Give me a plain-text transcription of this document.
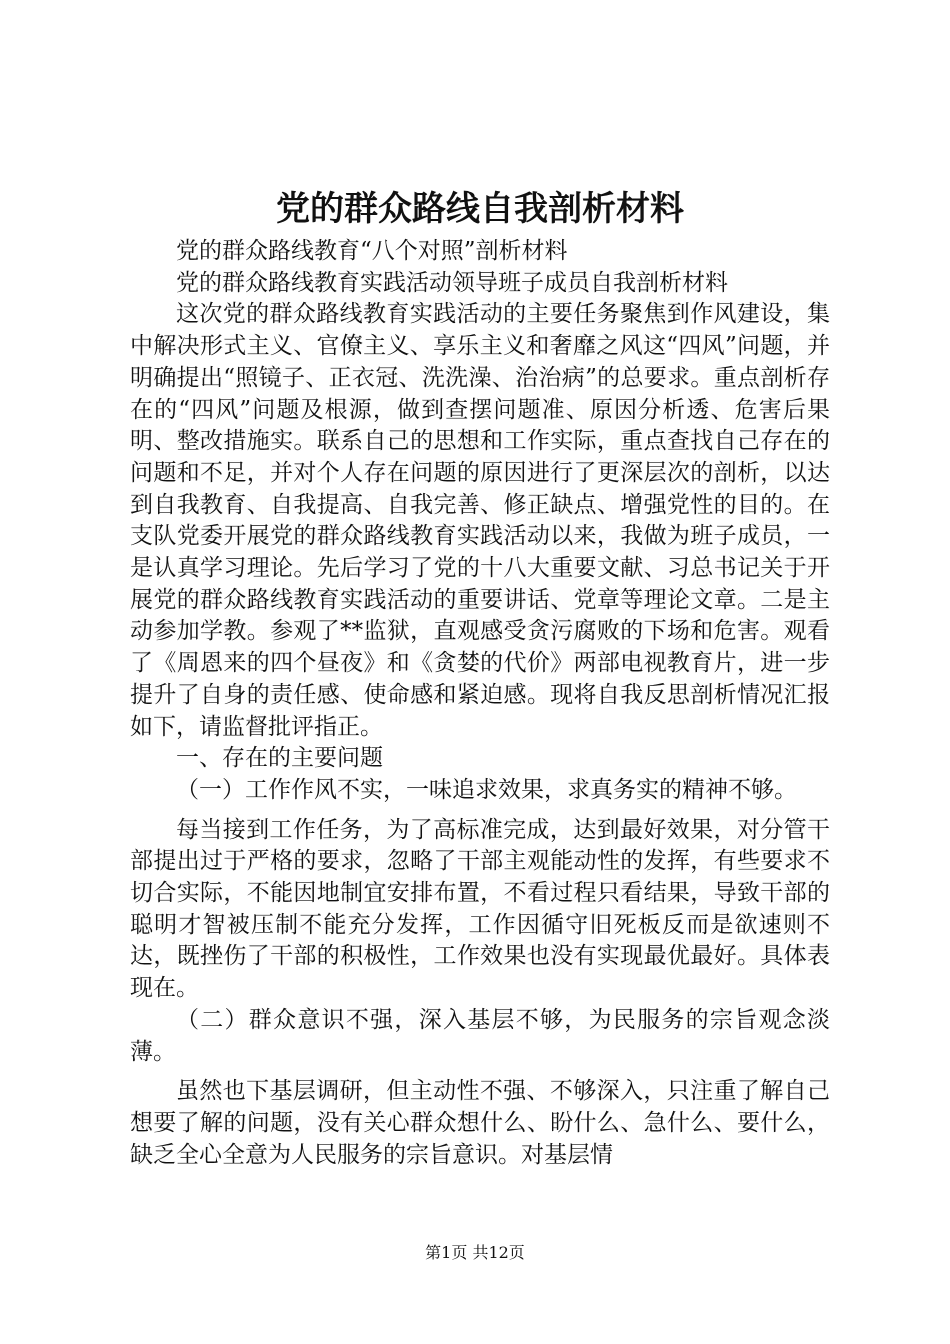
党的群众路线自我剖析材料

党的群众路线教育“八个对照”剖析材料

党的群众路线教育实践活动领导班子成员自我剖析材料

这次党的群众路线教育实践活动的主要任务聚焦到作风建设，集中解决形式主义、官僚主义、享乐主义和奢靡之风这“四风”问题，并明确提出“照镜子、正衣冠、洗洗澡、治治病”的总要求。重点剖析存在的“四风”问题及根源，做到查摆问题准、原因分析透、危害后果明、整改措施实。联系自己的思想和工作实际，重点查找自己存在的问题和不足，并对个人存在问题的原因进行了更深层次的剖析，以达到自我教育、自我提高、自我完善、修正缺点、增强党性的目的。在支队党委开展党的群众路线教育实践活动以来，我做为班子成员，一是认真学习理论。先后学习了党的十八大重要文献、习总书记关于开展党的群众路线教育实践活动的重要讲话、党章等理论文章。二是主动参加学教。参观了**监狱，直观感受贪污腐败的下场和危害。观看了《周恩来的四个昼夜》和《贪婪的代价》两部电视教育片，进一步提升了自身的责任感、使命感和紧迫感。现将自我反思剖析情况汇报如下，请监督批评指正。

一、存在的主要问题

（一）工作作风不实，一味追求效果，求真务实的精神不够。

每当接到工作任务，为了高标准完成，达到最好效果，对分管干部提出过于严格的要求，忽略了干部主观能动性的发挥，有些要求不切合实际，不能因地制宜安排布置，不看过程只看结果，导致干部的聪明才智被压制不能充分发挥，工作因循守旧死板反而是欲速则不达，既挫伤了干部的积极性，工作效果也没有实现最优最好。具体表现在。

（二）群众意识不强，深入基层不够，为民服务的宗旨观念淡薄。

虽然也下基层调研，但主动性不强、不够深入，只注重了解自己想要了解的问题，没有关心群众想什么、盼什么、急什么、要什么，缺乏全心全意为人民服务的宗旨意识。对基层情

第1页 共12页
